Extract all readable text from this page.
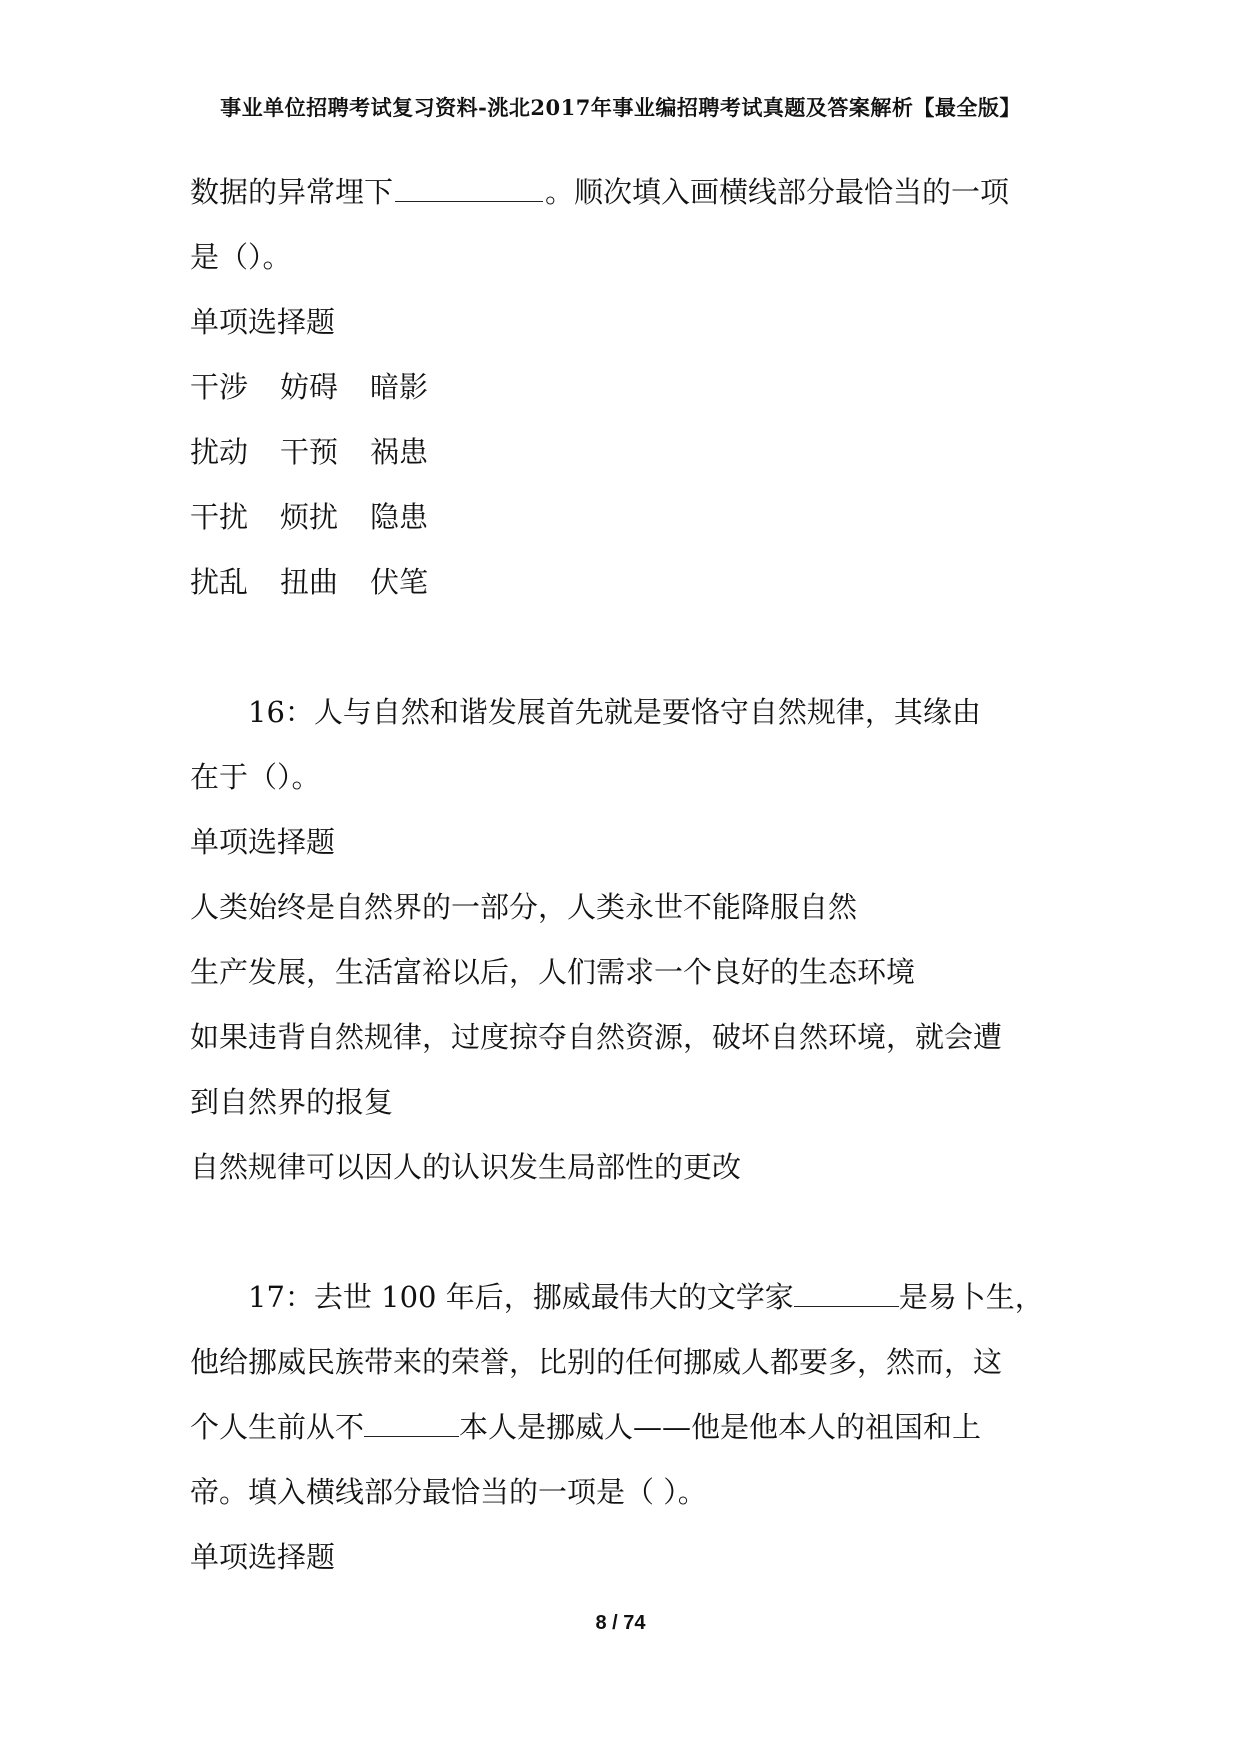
事业单位招聘考试复习资料-洮北2017年事业编招聘考试真题及答案解析【最全版】
数据的异常埋下	。顺次填入画横线部分最恰当的一项
是（）。
单项选择题
干涉 妨碍 暗影
扰动 干预 祸患
干扰 烦扰 隐患
扰乱 扭曲 伏笔
16：人与自然和谐发展首先就是要恪守自然规律，其缘由
在于（）。
单项选择题
人类始终是自然界的一部分，人类永世不能降服自然
生产发展，生活富裕以后，人们需求一个良好的生态环境
如果违背自然规律，过度掠夺自然资源，破坏自然环境，就会遭
到自然界的报复
自然规律可以因人的认识发生局部性的更改
17：去世 100 年后，挪威最伟大的文学家	是易卜生，
他给挪威民族带来的荣誉，比别的任何挪威人都要多，然而，这
个人生前从不	本人是挪威人——他是他本人的祖国和上
帝。填入横线部分最恰当的一项是（ ）。
单项选择题
8 / 74
